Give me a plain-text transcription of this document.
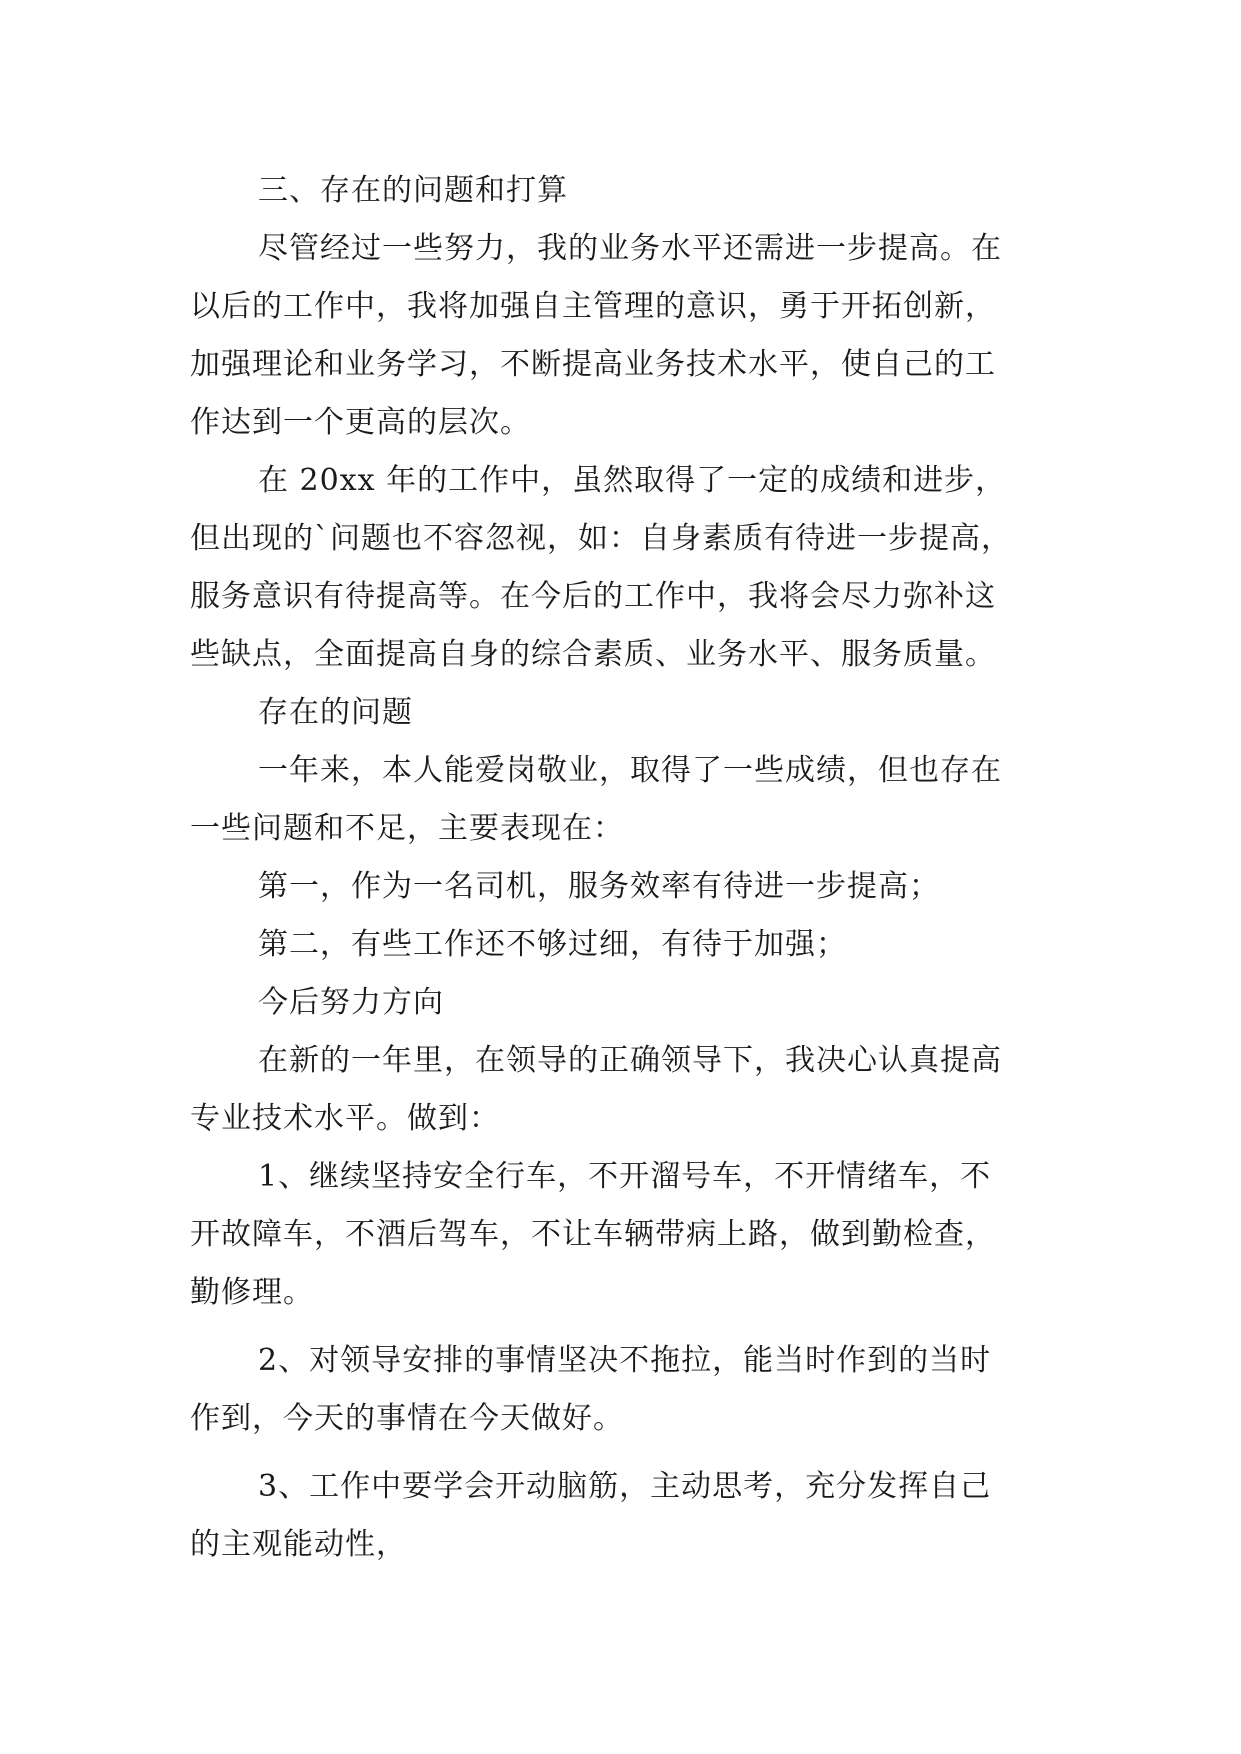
三、存在的问题和打算
尽管经过一些努力，我的业务水平还需进一步提高。在
以后的工作中，我将加强自主管理的意识，勇于开拓创新，
加强理论和业务学习，不断提高业务技术水平，使自己的工
作达到一个更高的层次。
在 20xx 年的工作中，虽然取得了一定的成绩和进步，
但出现的`问题也不容忽视，如：自身素质有待进一步提高，
服务意识有待提高等。在今后的工作中，我将会尽力弥补这
些缺点，全面提高自身的综合素质、业务水平、服务质量。
存在的问题
一年来，本人能爱岗敬业，取得了一些成绩，但也存在
一些问题和不足，主要表现在：
第一，作为一名司机，服务效率有待进一步提高；
第二，有些工作还不够过细，有待于加强；
今后努力方向
在新的一年里，在领导的正确领导下，我决心认真提高
专业技术水平。做到：
1、继续坚持安全行车，不开溜号车，不开情绪车，不
开故障车，不酒后驾车，不让车辆带病上路，做到勤检查，
勤修理。
2、对领导安排的事情坚决不拖拉，能当时作到的当时
作到，今天的事情在今天做好。
3、工作中要学会开动脑筋，主动思考，充分发挥自己
的主观能动性，
